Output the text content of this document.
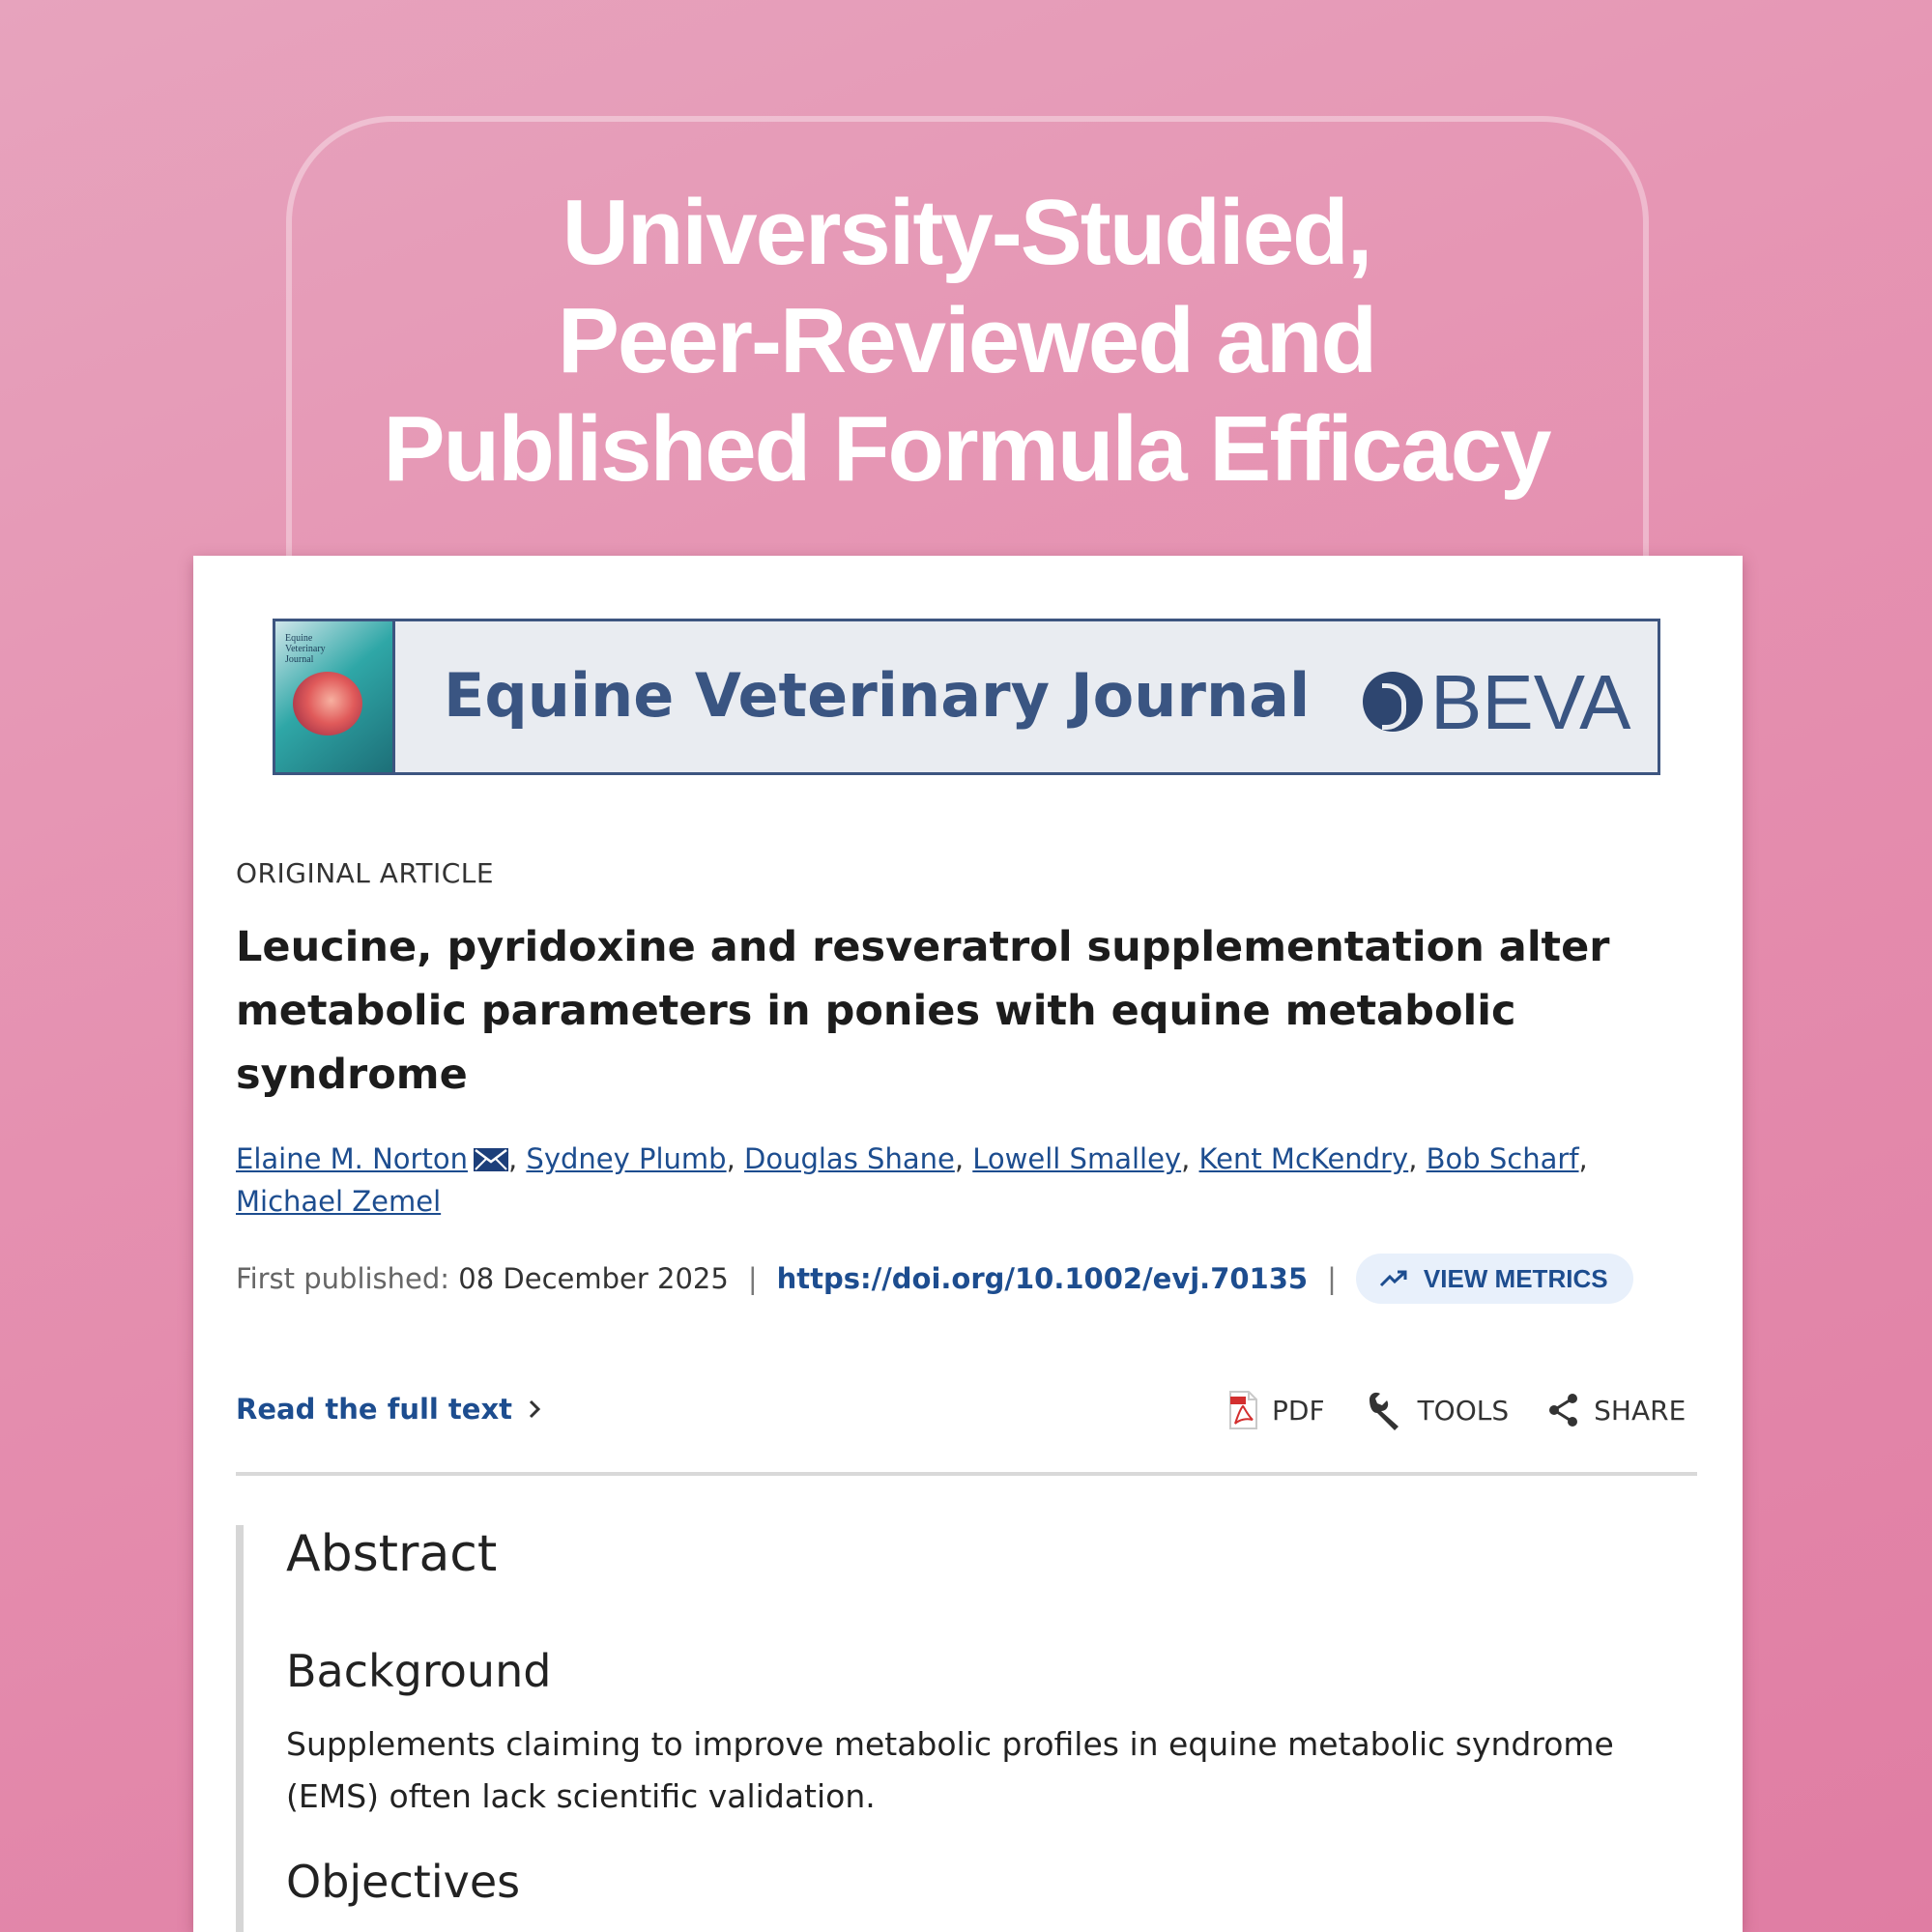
University-Studied,
Peer-Reviewed and
Published Formula Efficacy
Equine Veterinary Journal
Equine Veterinary Journal BEVA
ORIGINAL ARTICLE
Leucine, pyridoxine and resveratrol supplementation alter metabolic parameters in ponies with equine metabolic syndrome
Elaine M. Norton , Sydney Plumb, Douglas Shane, Lowell Smalley, Kent McKendry, Bob Scharf,
Michael Zemel
First published:
08 December 2025 | https://doi.org/10.1002/evj.70135 |	VIEW METRICS
Read the full text	PDF	TOOLS	SHARE
Abstract
Background

Supplements claiming to improve metabolic profiles in equine metabolic syndrome (EMS) often lack scientific validation.

Objectives
